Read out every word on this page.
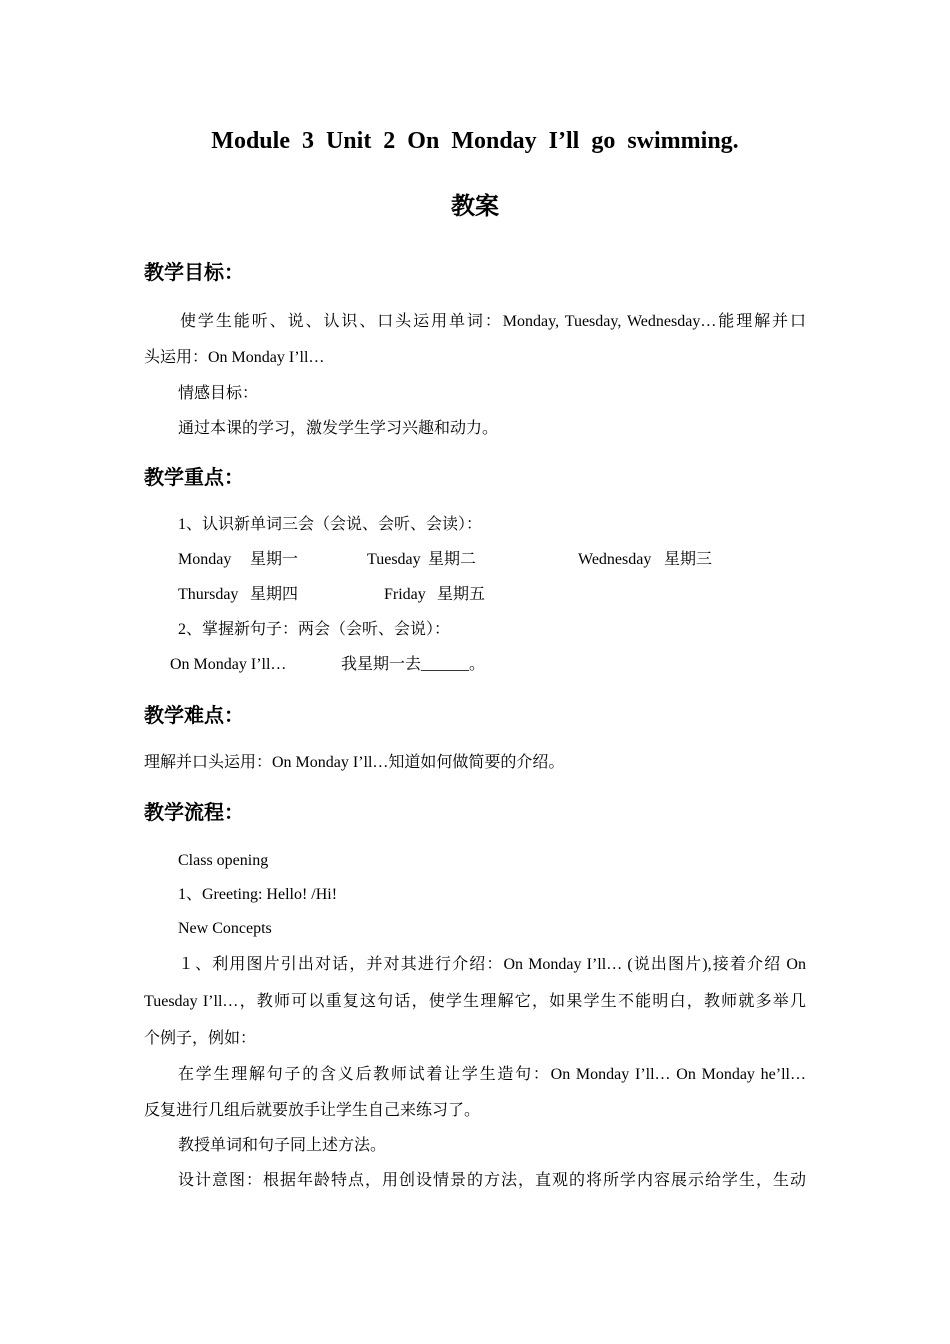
Module 3 Unit 2 On Monday I’ll go swimming.
教案
教学目标：
使学生能听、说、认识、口头运用单词：Monday, Tuesday, Wednesday…能理解并口
头运用：On Monday I’ll…
情感目标：
通过本课的学习，激发学生学习兴趣和动力。
教学重点：
1、认识新单词三会（会说、会听、会读）：
Monday 星期一	Tuesday 星期二	Wednesday 星期三
Thursday 星期四	Friday 星期五
2、掌握新句子：两会（会听、会说）：
On Monday I’ll…	我星期一去______。
教学难点：
理解并口头运用：On Monday I’ll…知道如何做简要的介绍。
教学流程：
Class opening
1、Greeting: Hello! /Hi!
New Concepts
１、利用图片引出对话，并对其进行介绍：On Monday I’ll… (说出图片),接着介绍 On
Tuesday I’ll…，教师可以重复这句话，使学生理解它，如果学生不能明白，教师就多举几
个例子，例如：
在学生理解句子的含义后教师试着让学生造句：On Monday I’ll… On Monday he’ll…
反复进行几组后就要放手让学生自己来练习了。
教授单词和句子同上述方法。
设计意图：根据年龄特点，用创设情景的方法，直观的将所学内容展示给学生，生动
